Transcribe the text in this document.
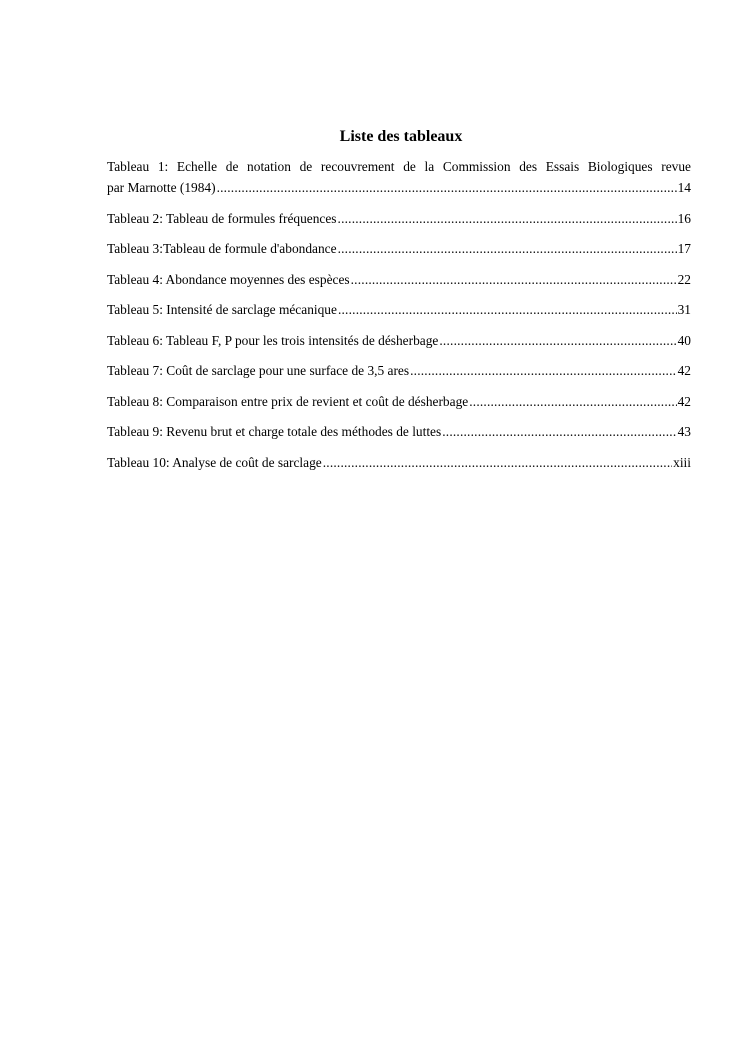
Liste des tableaux
Tableau 1: Echelle de notation de recouvrement de la Commission des Essais Biologiques revue
par Marnotte (1984) .....	14
Tableau 2: Tableau de formules fréquences .....	16
Tableau 3:Tableau de formule d'abondance .....	17
Tableau 4: Abondance moyennes des espèces .....	22
Tableau 5: Intensité de sarclage mécanique .....	31
Tableau 6: Tableau F, P pour les trois intensités de désherbage .....	40
Tableau 7: Coût de sarclage pour une surface de 3,5 ares .....	42
Tableau 8: Comparaison entre prix de revient et coût de désherbage .....	42
Tableau 9: Revenu brut et charge totale des méthodes de luttes .....	43
Tableau 10: Analyse de coût de sarclage .....	xiii
